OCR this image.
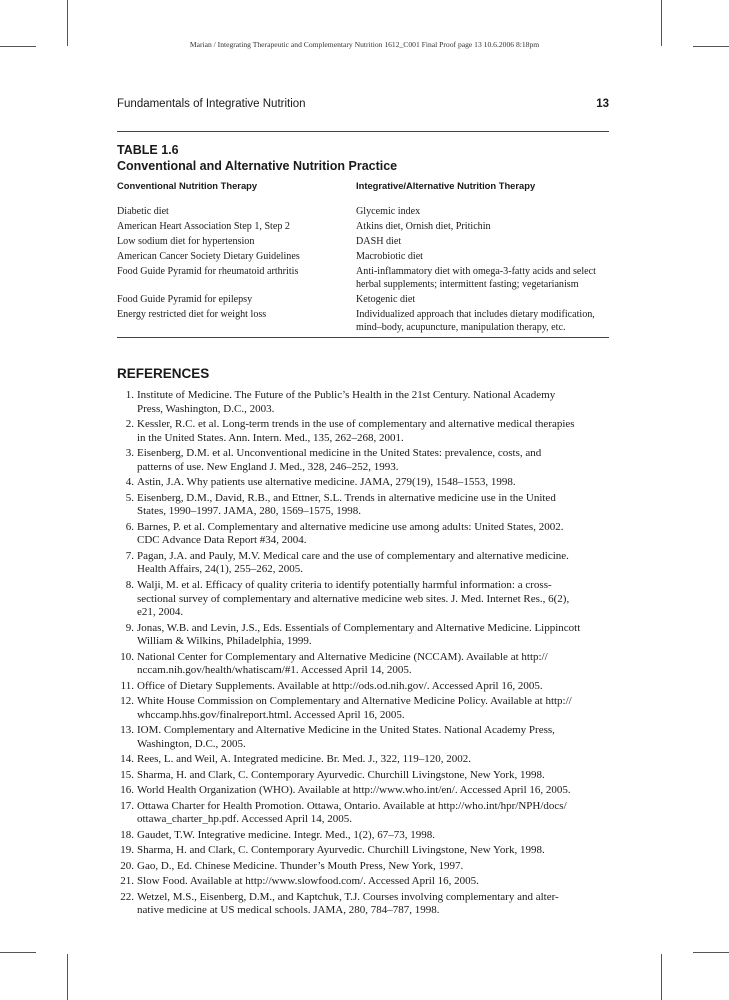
Marian / Integrating Therapeutic and Complementary Nutrition 1612_C001 Final Proof page 13 10.6.2006 8:18pm
Fundamentals of Integrative Nutrition	13
TABLE 1.6
Conventional and Alternative Nutrition Practice
Conventional Nutrition Therapy	Integrative/Alternative Nutrition Therapy
Diabetic diet	Glycemic index
American Heart Association Step 1, Step 2	Atkins diet, Ornish diet, Pritichin
Low sodium diet for hypertension	DASH diet
American Cancer Society Dietary Guidelines	Macrobiotic diet
Food Guide Pyramid for rheumatoid arthritis	Anti-inflammatory diet with omega-3-fatty acids and select
herbal supplements; intermittent fasting; vegetarianism
Food Guide Pyramid for epilepsy	Ketogenic diet
Energy restricted diet for weight loss	Individualized approach that includes dietary modification,
mind–body, acupuncture, manipulation therapy, etc.
REFERENCES
1. Institute of Medicine. The Future of the Public’s Health in the 21st Century. National Academy
Press, Washington, D.C., 2003.
2. Kessler, R.C. et al. Long-term trends in the use of complementary and alternative medical therapies
in the United States. Ann. Intern. Med., 135, 262–268, 2001.
3. Eisenberg, D.M. et al. Unconventional medicine in the United States: prevalence, costs, and
patterns of use. New England J. Med., 328, 246–252, 1993.
4. Astin, J.A. Why patients use alternative medicine. JAMA, 279(19), 1548–1553, 1998.
5. Eisenberg, D.M., David, R.B., and Ettner, S.L. Trends in alternative medicine use in the United
States, 1990–1997. JAMA, 280, 1569–1575, 1998.
6. Barnes, P. et al. Complementary and alternative medicine use among adults: United States, 2002.
CDC Advance Data Report #34, 2004.
7. Pagan, J.A. and Pauly, M.V. Medical care and the use of complementary and alternative medicine.
Health Affairs, 24(1), 255–262, 2005.
8. Walji, M. et al. Efficacy of quality criteria to identify potentially harmful information: a cross-
sectional survey of complementary and alternative medicine web sites. J. Med. Internet Res., 6(2),
e21, 2004.
9. Jonas, W.B. and Levin, J.S., Eds. Essentials of Complementary and Alternative Medicine. Lippincott
William & Wilkins, Philadelphia, 1999.
10. National Center for Complementary and Alternative Medicine (NCCAM). Available at http://
nccam.nih.gov/health/whatiscam/#1. Accessed April 14, 2005.
11. Office of Dietary Supplements. Available at http://ods.od.nih.gov/. Accessed April 16, 2005.
12. White House Commission on Complementary and Alternative Medicine Policy. Available at http://
whccamp.hhs.gov/finalreport.html. Accessed April 16, 2005.
13. IOM. Complementary and Alternative Medicine in the United States. National Academy Press,
Washington, D.C., 2005.
14. Rees, L. and Weil, A. Integrated medicine. Br. Med. J., 322, 119–120, 2002.
15. Sharma, H. and Clark, C. Contemporary Ayurvedic. Churchill Livingstone, New York, 1998.
16. World Health Organization (WHO). Available at http://www.who.int/en/. Accessed April 16, 2005.
17. Ottawa Charter for Health Promotion. Ottawa, Ontario. Available at http://who.int/hpr/NPH/docs/
ottawa_charter_hp.pdf. Accessed April 14, 2005.
18. Gaudet, T.W. Integrative medicine. Integr. Med., 1(2), 67–73, 1998.
19. Sharma, H. and Clark, C. Contemporary Ayurvedic. Churchill Livingstone, New York, 1998.
20. Gao, D., Ed. Chinese Medicine. Thunder’s Mouth Press, New York, 1997.
21. Slow Food. Available at http://www.slowfood.com/. Accessed April 16, 2005.
22. Wetzel, M.S., Eisenberg, D.M., and Kaptchuk, T.J. Courses involving complementary and alter-
native medicine at US medical schools. JAMA, 280, 784–787, 1998.
